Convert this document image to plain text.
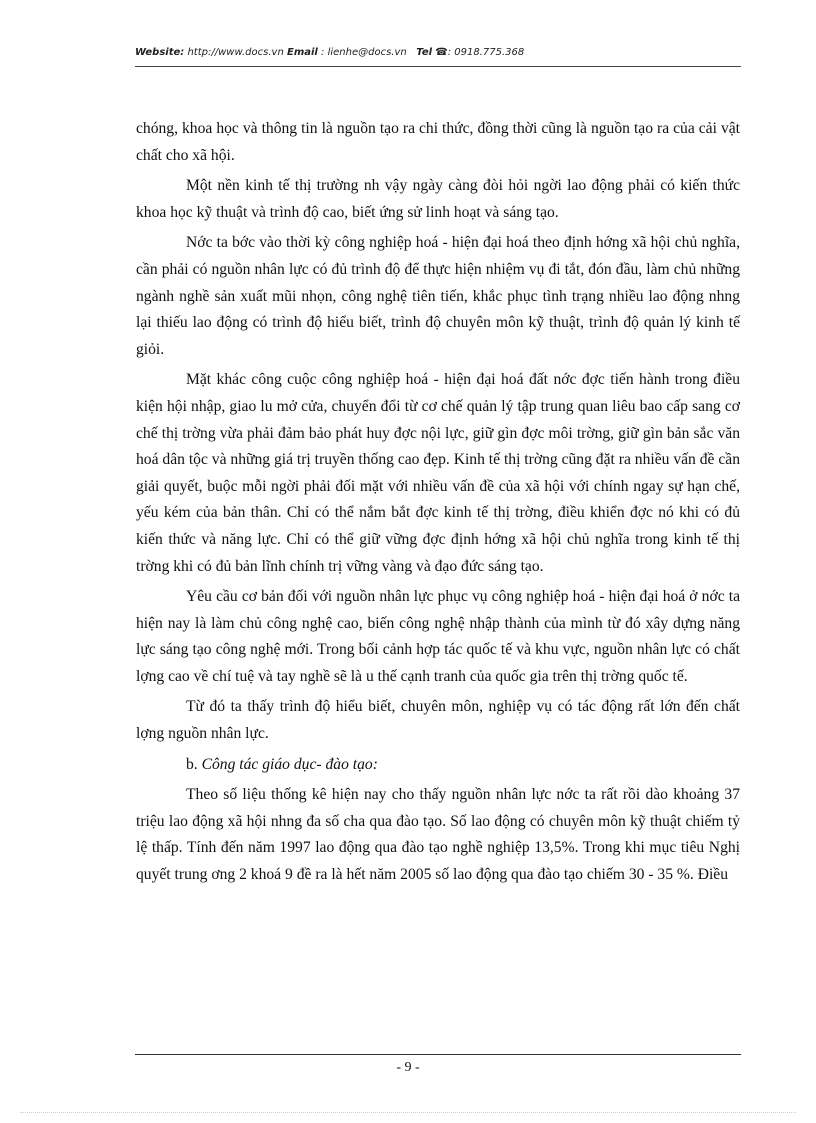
Website: http://www.docs.vn Email : lienhe@docs.vn Tel ☎: 0918.775.368

chóng, khoa học và thông tin là nguồn tạo ra chi thức, đồng thời cũng là nguồn tạo ra của cải vật chất cho xã hội.

Một nền kinh tế thị trường nh vậy ngày càng đòi hỏi ngời lao động phải có kiến thức khoa học kỹ thuật và trình độ cao, biết ứng sử linh hoạt và sáng tạo.

Nớc ta bớc vào thời kỳ công nghiệp hoá - hiện đại hoá theo định hớng xã hội chủ nghĩa, cần phải có nguồn nhân lực có đủ trình độ để thực hiện nhiệm vụ đi tắt, đón đầu, làm chủ những ngành nghề sản xuất mũi nhọn, công nghệ tiên tiến, khắc phục tình trạng nhiều lao động nhng lại thiếu lao động có trình độ hiểu biết, trình độ chuyên môn kỹ thuật, trình độ quản lý kinh tế giỏi.

Mặt khác công cuộc công nghiệp hoá - hiện đại hoá đất nớc đợc tiến hành trong điều kiện hội nhập, giao lu mở cửa, chuyển đổi từ cơ chế quản lý tập trung quan liêu bao cấp sang cơ chế thị trờng vừa phải đảm bảo phát huy đợc nội lực, giữ gìn đợc môi trờng, giữ gìn bản sắc văn hoá dân tộc và những giá trị truyền thống cao đẹp. Kinh tế thị trờng cũng đặt ra nhiều vấn đề cần giải quyết, buộc mỗi ngời phải đối mặt với nhiều vấn đề của xã hội với chính ngay sự hạn chế, yếu kém của bản thân. Chỉ có thể nắm bắt đợc kinh tế thị trờng, điều khiển đợc nó khi có đủ kiến thức và năng lực. Chỉ có thể giữ vững đợc định hớng xã hội chủ nghĩa trong kinh tế thị trờng khi có đủ bản lĩnh chính trị vững vàng và đạo đức sáng tạo.

Yêu cầu cơ bản đối với nguồn nhân lực phục vụ công nghiệp hoá - hiện đại hoá ở nớc ta hiện nay là làm chủ công nghệ cao, biến công nghệ nhập thành của mình từ đó xây dựng năng lực sáng tạo công nghệ mới. Trong bối cảnh hợp tác quốc tế và khu vực, nguồn nhân lực có chất lợng cao về chí tuệ và tay nghề sẽ là u thế cạnh tranh của quốc gia trên thị trờng quốc tế.

Từ đó ta thấy trình độ hiểu biết, chuyên môn, nghiệp vụ có tác động rất lớn đến chất lợng nguồn nhân lực.

b. Công tác giáo dục- đào tạo:

Theo số liệu thống kê hiện nay cho thấy nguồn nhân lực nớc ta rất rồi dào khoảng 37 triệu lao động xã hội nhng đa số cha qua đào tạo. Số lao động có chuyên môn kỹ thuật chiếm tỷ lệ thấp. Tính đến năm 1997 lao động qua đào tạo nghề nghiệp 13,5%. Trong khi mục tiêu Nghị quyết trung ơng 2 khoá 9 đề ra là hết năm 2005 số lao động qua đào tạo chiếm 30 - 35 %. Điều

- 9 -
